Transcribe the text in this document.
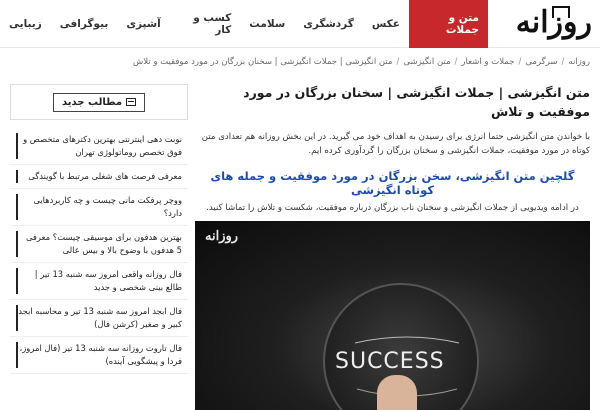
روزانه
متن و جملات
عکس
گردشگری
سلامت
کسب و کار
آشپزی
بیوگرافی
زیبایی
روزانه/سرگرمی/جملات و اشعار/متن انگیزشی/متن انگیزشی | جملات انگیزشی | سخنان بزرگان در مورد موفقیت و تلاش
متن انگیزشی | جملات انگیزشی | سخنان بزرگان در مورد موفقیت و تلاش

با خواندن متن انگیزشی حتما انرژی برای رسیدن به اهداف خود می گیرید. در این بخش روزانه هم تعدادی متن کوتاه در مورد موفقیت، جملات انگیزشی و سخنان بزرگان را گردآوری کرده ایم.

گلچین متن انگیزشی، سخن بزرگان در مورد موفقیت و جمله های کوتاه انگیزشی

در ادامه ویدیویی از جملات انگیزشی و سخنان ناب بزرگان درباره موفقیت، شکست و تلاش را تماشا کنید.

روزانه
SUCCESS
مطالب جدید
نوبت دهی اینترنتی بهترین دکترهای متخصص و فوق تخصص روماتولوژی تهران
معرفی فرصت های شغلی مرتبط با گویندگی
ووچر پرفکت مانی چیست و چه کاربردهایی دارد؟
بهترین هدفون برای موسیقی چیست؟ معرفی 5 هدفون با وضوح بالا و بیس عالی
فال روزانه واقعی امروز سه شنبه 13 تیر | طالع بینی شخصی و جدید
فال ابجد امروز سه شنبه 13 تیر و محاسبه ابجد کبیر و صغیر (کرشن فال)
فال تاروت روزانه سه شنبه 13 تیر (فال امروز، فردا و پیشگویی آینده)
